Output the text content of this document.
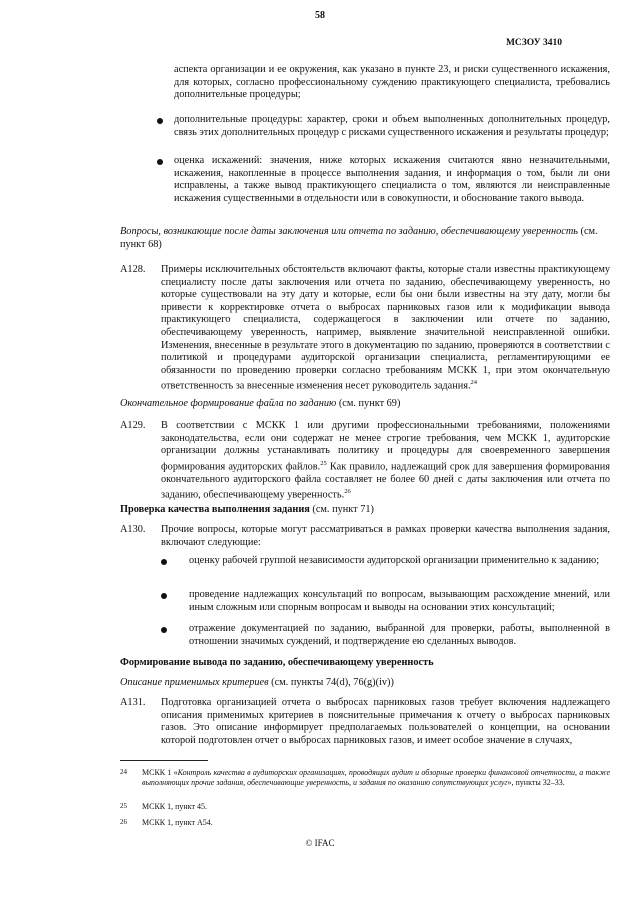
58
МСЗОУ 3410
аспекта организации и ее окружения, как указано в пункте 23, и риски существенного искажения, для которых, согласно профессиональному суждению практикующего специалиста, требовались дополнительные процедуры;
дополнительные процедуры: характер, сроки и объем выполненных дополнительных процедур, связь этих дополнительных процедур с рисками существенного искажения и результаты процедур;
оценка искажений: значения, ниже которых искажения считаются явно незначительными, искажения, накопленные в процессе выполнения задания, и информация о том, были ли они исправлены, а также вывод практикующего специалиста о том, являются ли неисправленные искажения существенными в отдельности или в совокупности, и обоснование такого вывода.
Вопросы, возникающие после даты заключения или отчета по заданию, обеспечивающему уверенность (см. пункт 68)
A128.	Примеры исключительных обстоятельств включают факты, которые стали известны практикующему специалисту после даты заключения или отчета по заданию, обеспечивающему уверенность, но которые существовали на эту дату и которые, если бы они были известны на эту дату, могли бы привести к корректировке отчета о выбросах парниковых газов или к модификации вывода практикующего специалиста, содержащегося в заключении или отчете по заданию, обеспечивающему уверенность, например, выявление значительной неисправленной ошибки. Изменения, внесенные в результате этого в документацию по заданию, проверяются в соответствии с политикой и процедурами аудиторской организации специалиста, регламентирующими ее обязанности по проведению проверки согласно требованиям МСКК 1, при этом окончательную ответственность за внесенные изменения несет руководитель задания.$^{24}$
Окончательное формирование файла по заданию (см. пункт 69)
A129.	В соответствии с МСКК 1 или другими профессиональными требованиями, положениями законодательства, если они содержат не менее строгие требования, чем МСКК 1, аудиторские организации должны устанавливать политику и процедуры для своевременного завершения формирования аудиторских файлов.$^{25}$ Как правило, надлежащий срок для завершения формирования окончательного аудиторского файла составляет не более 60 дней с даты заключения или отчета по заданию, обеспечивающему уверенность.$^{26}$
Проверка качества выполнения задания (см. пункт 71)
A130.	Прочие вопросы, которые могут рассматриваться в рамках проверки качества выполнения задания, включают следующие:
оценку рабочей группой независимости аудиторской организации применительно к заданию;
проведение надлежащих консультаций по вопросам, вызывающим расхождение мнений, или иным сложным или спорным вопросам и выводы на основании этих консультаций;
отражение документацией по заданию, выбранной для проверки, работы, выполненной в отношении значимых суждений, и подтверждение ею сделанных выводов.
Формирование вывода по заданию, обеспечивающему уверенность
Описание применимых критериев (см. пункты 74(d), 76(g)(iv))
A131.	Подготовка организацией отчета о выбросах парниковых газов требует включения надлежащего описания применимых критериев в пояснительные примечания к отчету о выбросах парниковых газов. Это описание информирует предполагаемых пользователей о концепции, на основании которой подготовлен отчет о выбросах парниковых газов, и имеет особое значение в случаях,
24 МСКК 1 «Контроль качества в аудиторских организациях, проводящих аудит и обзорные проверки финансовой отчетности, а также выполняющих прочие задания, обеспечивающие уверенность, и задания по оказанию сопутствующих услуг», пункты 32–33.
25 МСКК 1, пункт 45.
26 МСКК 1, пункт A54.
© IFAC
